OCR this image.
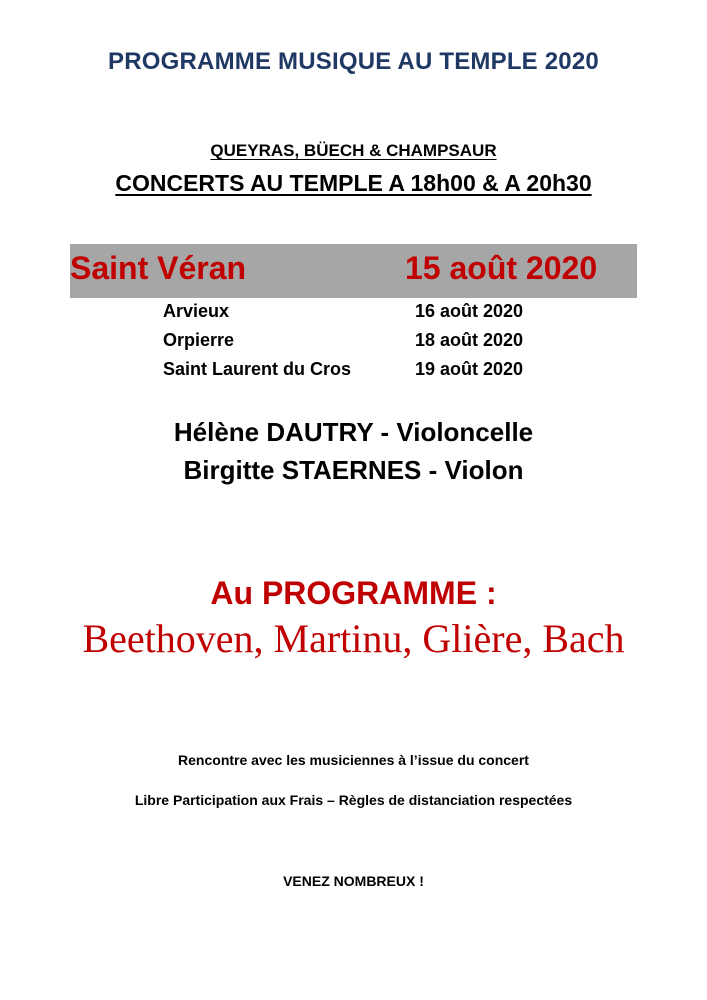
PROGRAMME MUSIQUE AU TEMPLE 2020
QUEYRAS, BÜECH & CHAMPSAUR
CONCERTS AU TEMPLE A 18h00 & A 20h30
Saint Véran	15 août 2020
Arvieux	16 août 2020
Orpierre	18 août 2020
Saint Laurent du Cros	19 août 2020
Hélène DAUTRY - Violoncelle
Birgitte STAERNES - Violon
Au PROGRAMME :
Beethoven, Martinu, Glière, Bach
Rencontre avec les musiciennes à l’issue du concert
Libre Participation aux Frais – Règles de distanciation respectées
VENEZ NOMBREUX !
